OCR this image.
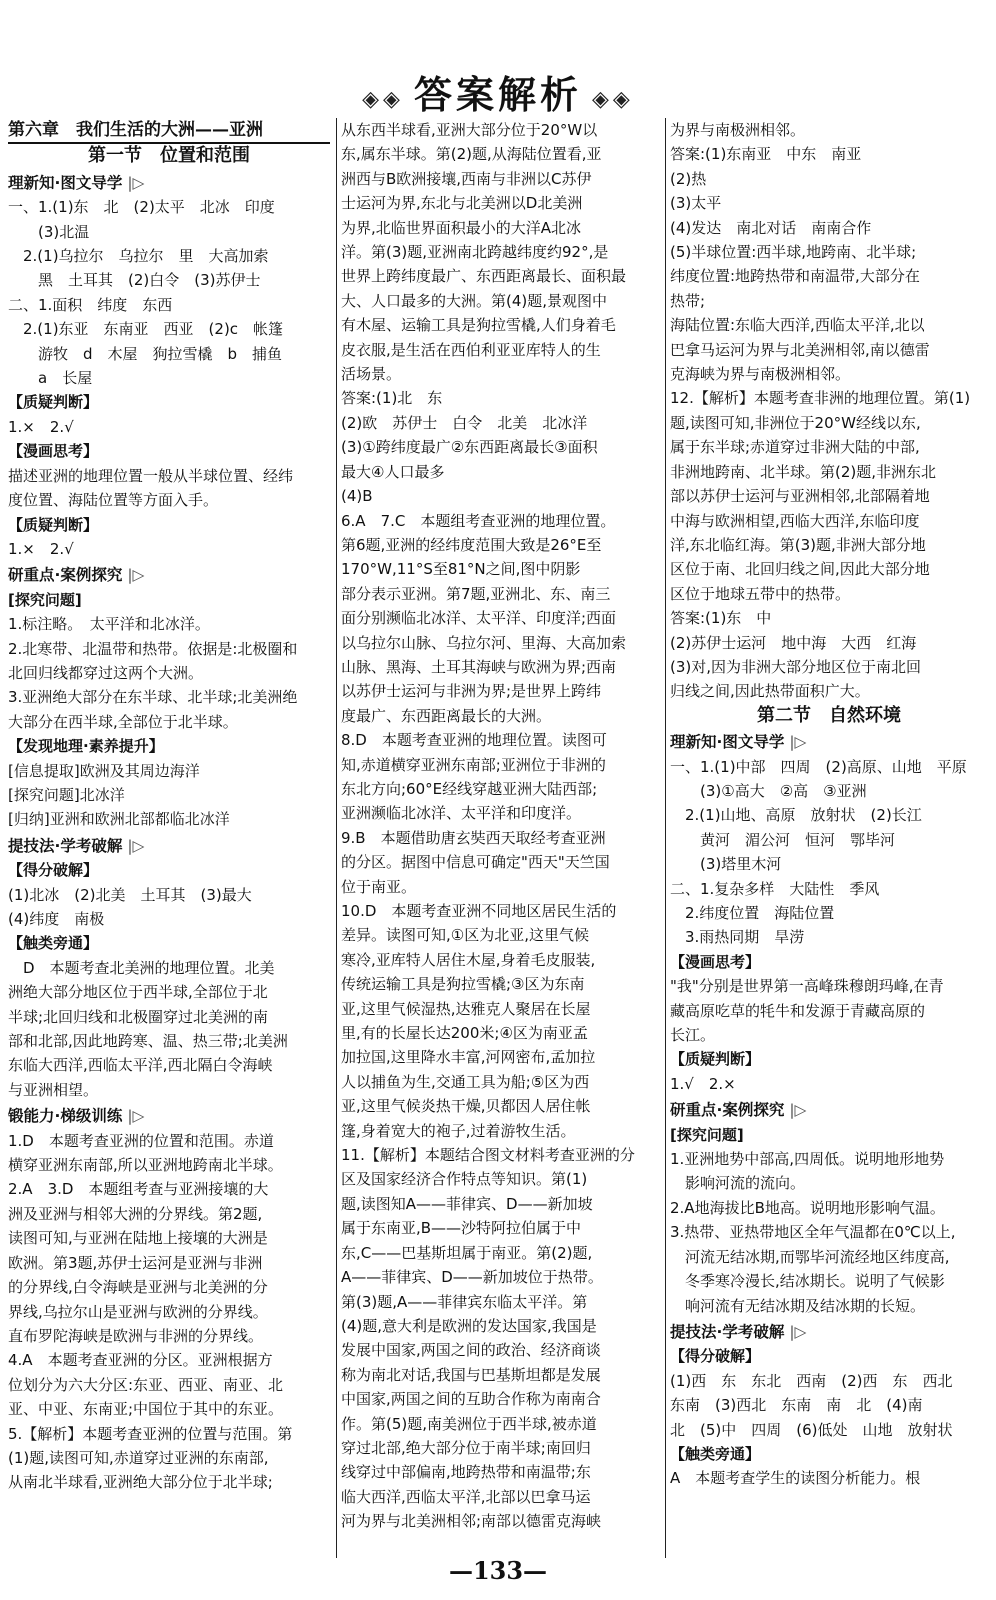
◈◈ 答案解析 ◈◈
第六章　我们生活的大洲——亚洲
第一节　位置和范围
理新知·图文导学 |▷
一、1.(1)东　北　(2)太平　北冰　印度
　　(3)北温
　2.(1)乌拉尔　乌拉尔　里　大高加索
　　黑　土耳其　(2)白令　(3)苏伊士
二、1.面积　纬度　东西
　2.(1)东亚　东南亚　西亚　(2)c　帐篷
　　游牧　d　木屋　狗拉雪橇　b　捕鱼
　　a　长屋
【质疑判断】
1.×　2.√
【漫画思考】
描述亚洲的地理位置一般从半球位置、经纬
度位置、海陆位置等方面入手。
【质疑判断】
1.×　2.√
研重点·案例探究 |▷
[探究问题]
1.标注略。　太平洋和北冰洋。
2.北寒带、北温带和热带。依据是:北极圈和
北回归线都穿过这两个大洲。
3.亚洲绝大部分在东半球、北半球;北美洲绝
大部分在西半球,全部位于北半球。
【发现地理·素养提升】
[信息提取]欧洲及其周边海洋
[探究问题]北冰洋
[归纳]亚洲和欧洲北部都临北冰洋
提技法·学考破解 |▷
【得分破解】
(1)北冰　(2)北美　土耳其　(3)最大
(4)纬度　南极
【触类旁通】
　D　本题考查北美洲的地理位置。北美
洲绝大部分地区位于西半球,全部位于北
半球;北回归线和北极圈穿过北美洲的南
部和北部,因此地跨寒、温、热三带;北美洲
东临大西洋,西临太平洋,西北隔白令海峡
与亚洲相望。
锻能力·梯级训练 |▷
1.D　本题考查亚洲的位置和范围。赤道
横穿亚洲东南部,所以亚洲地跨南北半球。
2.A　3.D　本题组考查与亚洲接壤的大
洲及亚洲与相邻大洲的分界线。第2题,
读图可知,与亚洲在陆地上接壤的大洲是
欧洲。第3题,苏伊士运河是亚洲与非洲
的分界线,白令海峡是亚洲与北美洲的分
界线,乌拉尔山是亚洲与欧洲的分界线。
直布罗陀海峡是欧洲与非洲的分界线。
4.A　本题考查亚洲的分区。亚洲根据方
位划分为六大分区:东亚、西亚、南亚、北
亚、中亚、东南亚;中国位于其中的东亚。
5.【解析】本题考查亚洲的位置与范围。第
(1)题,读图可知,赤道穿过亚洲的东南部,
从南北半球看,亚洲绝大部分位于北半球;
从东西半球看,亚洲大部分位于20°W以
东,属东半球。第(2)题,从海陆位置看,亚
洲西与B欧洲接壤,西南与非洲以C苏伊
士运河为界,东北与北美洲以D北美洲
为界,北临世界面积最小的大洋A北冰
洋。第(3)题,亚洲南北跨越纬度约92°,是
世界上跨纬度最广、东西距离最长、面积最
大、人口最多的大洲。第(4)题,景观图中
有木屋、运输工具是狗拉雪橇,人们身着毛
皮衣服,是生活在西伯利亚亚库特人的生
活场景。
答案:(1)北　东
(2)欧　苏伊士　白令　北美　北冰洋
(3)①跨纬度最广②东西距离最长③面积
最大④人口最多
(4)B
6.A　7.C　本题组考查亚洲的地理位置。
第6题,亚洲的经纬度范围大致是26°E至
170°W,11°S至81°N之间,图中阴影
部分表示亚洲。第7题,亚洲北、东、南三
面分别濒临北冰洋、太平洋、印度洋;西面
以乌拉尔山脉、乌拉尔河、里海、大高加索
山脉、黑海、土耳其海峡与欧洲为界;西南
以苏伊士运河与非洲为界;是世界上跨纬
度最广、东西距离最长的大洲。
8.D　本题考查亚洲的地理位置。读图可
知,赤道横穿亚洲东南部;亚洲位于非洲的
东北方向;60°E经线穿越亚洲大陆西部;
亚洲濒临北冰洋、太平洋和印度洋。
9.B　本题借助唐玄奘西天取经考查亚洲
的分区。据图中信息可确定"西天"天竺国
位于南亚。
10.D　本题考查亚洲不同地区居民生活的
差异。读图可知,①区为北亚,这里气候
寒冷,亚库特人居住木屋,身着毛皮服装,
传统运输工具是狗拉雪橇;③区为东南
亚,这里气候湿热,达雅克人聚居在长屋
里,有的长屋长达200米;④区为南亚孟
加拉国,这里降水丰富,河网密布,孟加拉
人以捕鱼为生,交通工具为船;⑤区为西
亚,这里气候炎热干燥,贝都因人居住帐
篷,身着宽大的袍子,过着游牧生活。
11.【解析】本题结合图文材料考查亚洲的分
区及国家经济合作特点等知识。第(1)
题,读图知A——菲律宾、D——新加坡
属于东南亚,B——沙特阿拉伯属于中
东,C——巴基斯坦属于南亚。第(2)题,
A——菲律宾、D——新加坡位于热带。
第(3)题,A——菲律宾东临太平洋。第
(4)题,意大利是欧洲的发达国家,我国是
发展中国家,两国之间的政治、经济商谈
称为南北对话,我国与巴基斯坦都是发展
中国家,两国之间的互助合作称为南南合
作。第(5)题,南美洲位于西半球,被赤道
穿过北部,绝大部分位于南半球;南回归
线穿过中部偏南,地跨热带和南温带;东
临大西洋,西临太平洋,北部以巴拿马运
河为界与北美洲相邻;南部以德雷克海峡
为界与南极洲相邻。
答案:(1)东南亚　中东　南亚
(2)热
(3)太平
(4)发达　南北对话　南南合作
(5)半球位置:西半球,地跨南、北半球;
纬度位置:地跨热带和南温带,大部分在
热带;
海陆位置:东临大西洋,西临太平洋,北以
巴拿马运河为界与北美洲相邻,南以德雷
克海峡为界与南极洲相邻。
12.【解析】本题考查非洲的地理位置。第(1)
题,读图可知,非洲位于20°W经线以东,
属于东半球;赤道穿过非洲大陆的中部,
非洲地跨南、北半球。第(2)题,非洲东北
部以苏伊士运河与亚洲相邻,北部隔着地
中海与欧洲相望,西临大西洋,东临印度
洋,东北临红海。第(3)题,非洲大部分地
区位于南、北回归线之间,因此大部分地
区位于地球五带中的热带。
答案:(1)东　中
(2)苏伊士运河　地中海　大西　红海
(3)对,因为非洲大部分地区位于南北回
归线之间,因此热带面积广大。
第二节　自然环境
理新知·图文导学 |▷
一、1.(1)中部　四周　(2)高原、山地　平原
　　(3)①高大　②高　③亚洲
　2.(1)山地、高原　放射状　(2)长江
　　黄河　湄公河　恒河　鄂毕河
　　(3)塔里木河
二、1.复杂多样　大陆性　季风
　2.纬度位置　海陆位置
　3.雨热同期　旱涝
【漫画思考】
"我"分别是世界第一高峰珠穆朗玛峰,在青
藏高原吃草的牦牛和发源于青藏高原的
长江。
【质疑判断】
1.√　2.×
研重点·案例探究 |▷
[探究问题]
1.亚洲地势中部高,四周低。说明地形地势
　影响河流的流向。
2.A地海拔比B地高。说明地形影响气温。
3.热带、亚热带地区全年气温都在0℃以上,
　河流无结冰期,而鄂毕河流经地区纬度高,
　冬季寒冷漫长,结冰期长。说明了气候影
　响河流有无结冰期及结冰期的长短。
提技法·学考破解 |▷
【得分破解】
(1)西　东　东北　西南　(2)西　东　西北
东南　(3)西北　东南　南　北　(4)南
北　(5)中　四周　(6)低处　山地　放射状
【触类旁通】
A　本题考查学生的读图分析能力。根
—133—
